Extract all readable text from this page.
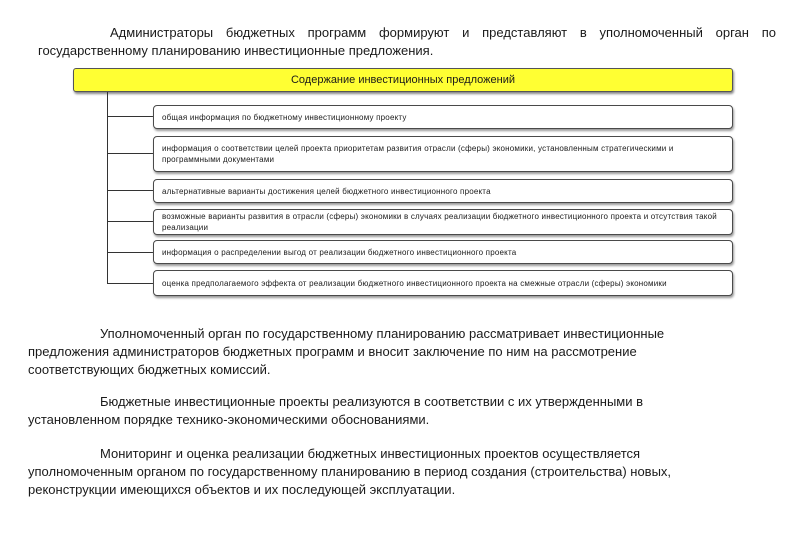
Администраторы бюджетных программ формируют и представляют в уполномоченный орган по государственному планированию инвестиционные предложения.

Содержание инвестиционных предложений
общая информация по бюджетному инвестиционному проекту
информация о соответствии целей проекта приоритетам развития отрасли (сферы) экономики, установленным стратегическими и программными документами
альтернативные варианты достижения целей бюджетного инвестиционного проекта
возможные варианты развития в отрасли (сферы) экономики в случаях реализации бюджетного инвестиционного проекта и отсутствия такой реализации
информация о распределении выгод от реализации бюджетного инвестиционного проекта
оценка предполагаемого эффекта от реализации бюджетного инвестиционного проекта на смежные отрасли (сферы) экономики

Уполномоченный орган по государственному планированию рассматривает инвестиционные предложения администраторов бюджетных программ и вносит заключение по ним на рассмотрение соответствующих бюджетных комиссий.

Бюджетные инвестиционные проекты реализуются в соответствии с их утвержденными в установленном порядке технико-экономическими обоснованиями.

Мониторинг и оценка реализации бюджетных инвестиционных проектов осуществляется уполномоченным органом по государственному планированию в период создания (строительства) новых, реконструкции имеющихся объектов и их последующей эксплуатации.
